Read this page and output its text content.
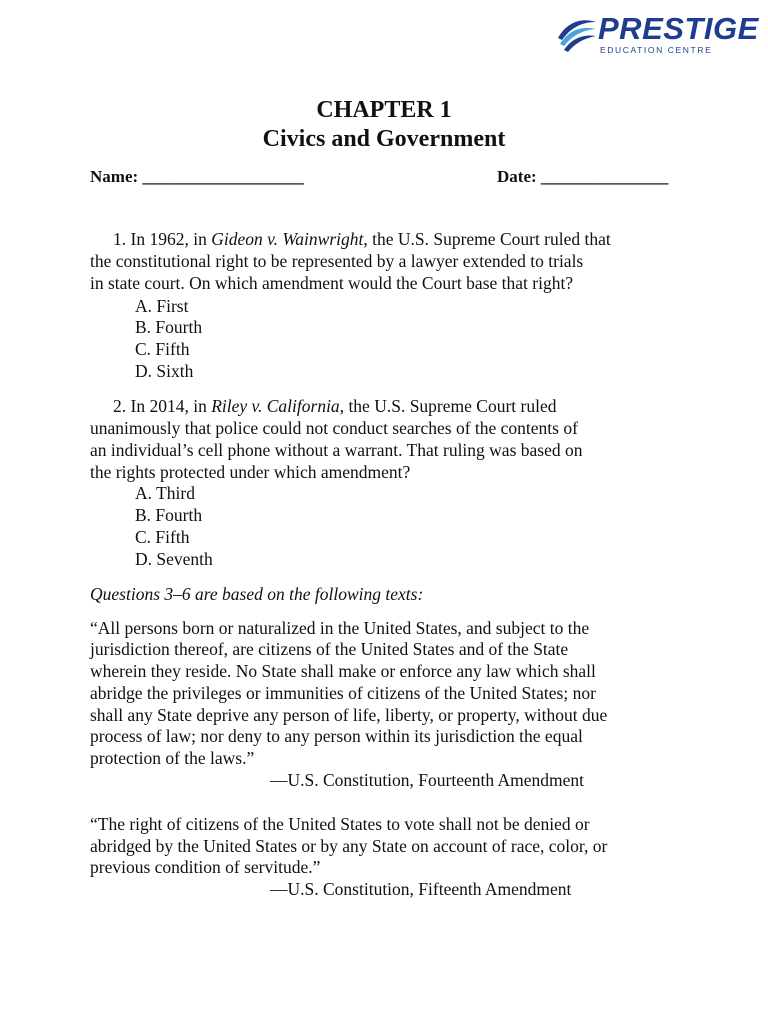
PRESTIGE
EDUCATION CENTRE
CHAPTER 1
Civics and Government
Name: ___________________	Date: _______________
1. In 1962, in Gideon v. Wainwright, the U.S. Supreme Court ruled that
the constitutional right to be represented by a lawyer extended to trials
in state court. On which amendment would the Court base that right?
A. First
B. Fourth
C. Fifth
D. Sixth
2. In 2014, in Riley v. California, the U.S. Supreme Court ruled
unanimously that police could not conduct searches of the contents of
an individual’s cell phone without a warrant. That ruling was based on
the rights protected under which amendment?
A. Third
B. Fourth
C. Fifth
D. Seventh
Questions 3–6 are based on the following texts:
“All persons born or naturalized in the United States, and subject to the
jurisdiction thereof, are citizens of the United States and of the State
wherein they reside. No State shall make or enforce any law which shall
abridge the privileges or immunities of citizens of the United States; nor
shall any State deprive any person of life, liberty, or property, without due
process of law; nor deny to any person within its jurisdiction the equal
protection of the laws.”
—U.S. Constitution, Fourteenth Amendment
“The right of citizens of the United States to vote shall not be denied or
abridged by the United States or by any State on account of race, color, or
previous condition of servitude.”
—U.S. Constitution, Fifteenth Amendment
